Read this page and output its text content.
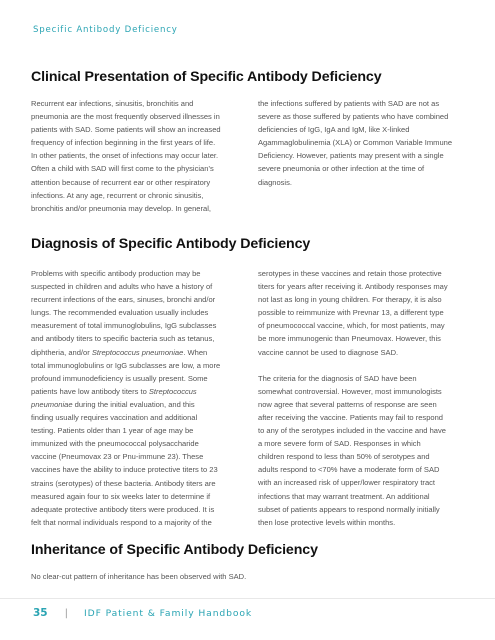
Specific Antibody Deficiency
Clinical Presentation of Specific Antibody Deficiency

Recurrent ear infections, sinusitis, bronchitis and
pneumonia are the most frequently observed illnesses in
patients with SAD. Some patients will show an increased
frequency of infection beginning in the first years of life.
In other patients, the onset of infections may occur later.
Often a child with SAD will first come to the physician’s
attention because of recurrent ear or other respiratory
infections. At any age, recurrent or chronic sinusitis,
bronchitis and/or pneumonia may develop. In general,

the infections suffered by patients with SAD are not as
severe as those suffered by patients who have combined
deficiencies of IgG, IgA and IgM, like X-linked
Agammaglobulinemia (XLA) or Common Variable Immune
Deficiency. However, patients may present with a single
severe pneumonia or other infection at the time of
diagnosis.

Diagnosis of Specific Antibody Deficiency

Problems with specific antibody production may be
suspected in children and adults who have a history of
recurrent infections of the ears, sinuses, bronchi and/or
lungs. The recommended evaluation usually includes
measurement of total immunoglobulins, IgG subclasses
and antibody titers to specific bacteria such as tetanus,
diphtheria, and/or Streptococcus pneumoniae. When
total immunoglobulins or IgG subclasses are low, a more
profound immunodeficiency is usually present. Some
patients have low antibody titers to Streptococcus
pneumoniae during the initial evaluation, and this
finding usually requires vaccination and additional
testing. Patients older than 1 year of age may be
immunized with the pneumococcal polysaccharide
vaccine (Pneumovax 23 or Pnu-immune 23). These
vaccines have the ability to induce protective titers to 23
strains (serotypes) of these bacteria. Antibody titers are
measured again four to six weeks later to determine if
adequate protective antibody titers were produced. It is
felt that normal individuals respond to a majority of the

serotypes in these vaccines and retain those protective
titers for years after receiving it. Antibody responses may
not last as long in young children. For therapy, it is also
possible to reimmunize with Prevnar 13, a different type
of pneumococcal vaccine, which, for most patients, may
be more immunogenic than Pneumovax. However, this
vaccine cannot be used to diagnose SAD.

The criteria for the diagnosis of SAD have been
somewhat controversial. However, most immunologists
now agree that several patterns of response are seen
after receiving the vaccine. Patients may fail to respond
to any of the serotypes included in the vaccine and have
a more severe form of SAD. Responses in which
children respond to less than 50% of serotypes and
adults respond to <70% have a moderate form of SAD
with an increased risk of upper/lower respiratory tract
infections that may warrant treatment. An additional
subset of patients appears to respond normally initially
then lose protective levels within months.

Inheritance of Specific Antibody Deficiency

No clear-cut pattern of inheritance has been observed with SAD.

35 | IDF Patient & Family Handbook
